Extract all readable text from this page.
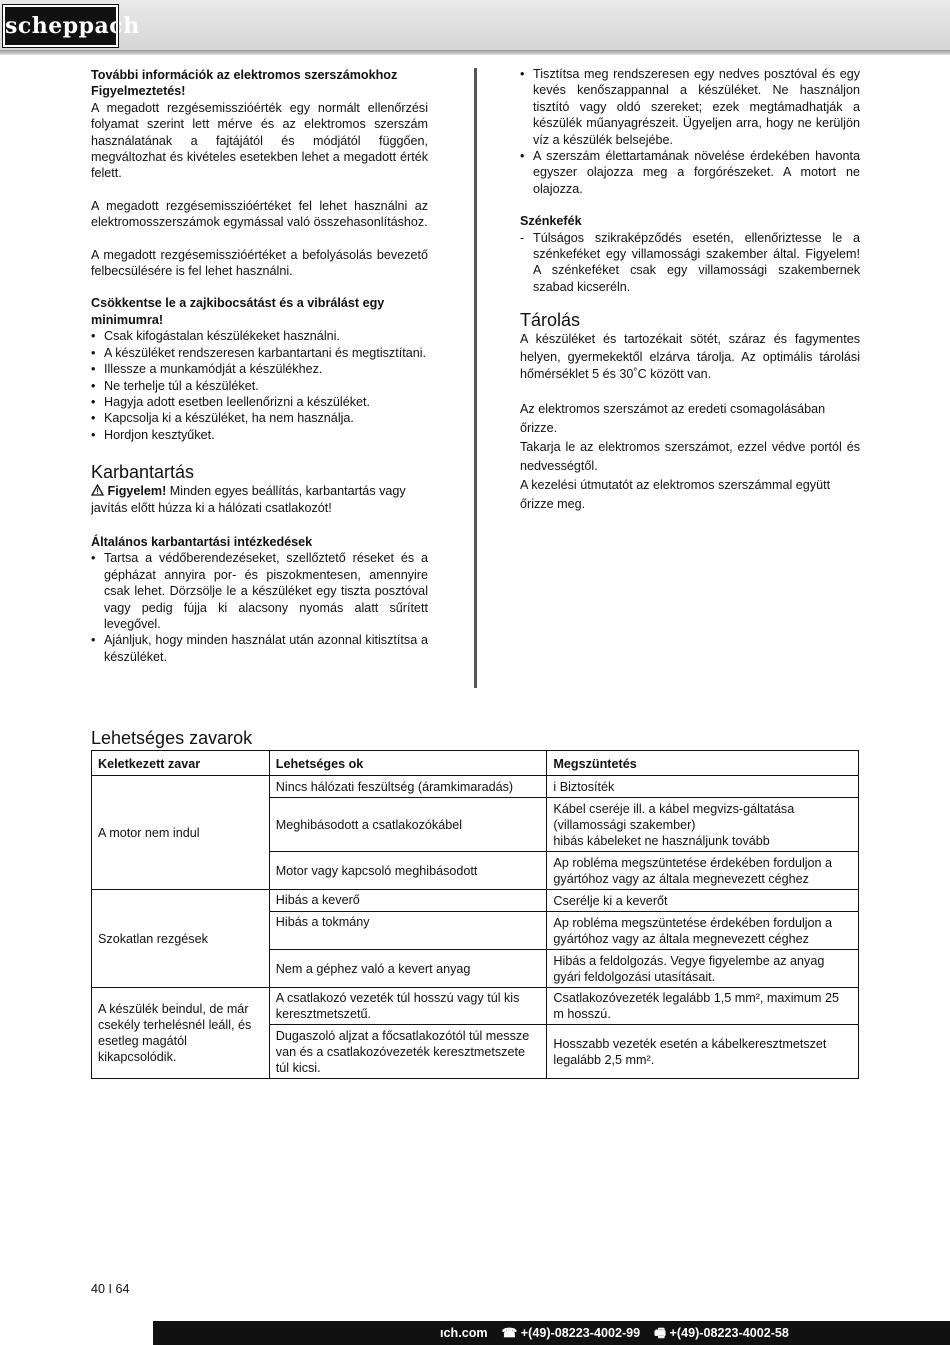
scheppach

További információk az elektromos szerszámokhoz

Figyelmeztetés!

A megadott rezgésemisszióérték egy normált ellenőrzési folyamat szerint lett mérve és az elektromos szerszám használatának a fajtájától és módjától függően, megváltozhat és kivételes esetekben lehet a megadott érték felett.

A megadott rezgésemisszióértéket fel lehet használni az elektromosszerszámok egymással való összehasonlításhoz.

A megadott rezgésemisszióértéket a befolyásolás bevezető felbecsülésére is fel lehet használni.

Csökkentse le a zajkibocsátást és a vibrálást egy minimumra!

• Csak kifogástalan készülékeket használni.
• A készüléket rendszeresen karbantartani és megtisztítani.
• Illessze a munkamódját a készülékhez.
• Ne terhelje túl a készüléket.
• Hagyja adott esetben leellenőrizni a készüléket.
• Kapcsolja ki a készüléket, ha nem használja.
• Hordjon kesztyűket.
Karbantartás

Figyelem! Minden egyes beállítás, karbantartás vagy javítás előtt húzza ki a hálózati csatlakozót!

Általános karbantartási intézkedések

• Tartsa a védőberendezéseket, szellőztető réseket és a gépházat annyira por- és piszokmentesen, amennyire csak lehet. Dörzsölje le a készüléket egy tiszta posztóval vagy pedig fújja ki alacsony nyomás alatt sűrített levegővel.
• Ajánljuk, hogy minden használat után azonnal kitisztítsa a készüléket.
• Tisztítsa meg rendszeresen egy nedves posztóval és egy kevés kenőszappannal a készüléket. Ne használjon tisztító vagy oldó szereket; ezek megtámadhatják a készülék műanyagrészeit. Ügyeljen arra, hogy ne kerüljön víz a készülék belsejébe.
• A szerszám élettartamának növelése érdekében havonta egyszer olajozza meg a forgórészeket. A motort ne olajozza.

Szénkefék

- Túlságos szikraképződés esetén, ellenőriztesse le a szénkeféket egy villamossági szakember által. Figyelem! A szénkeféket csak egy villamossági szakembernek szabad kicseréln.
Tárolás

A készüléket és tartozékait sötét, száraz és fagymentes helyen, gyermekektől elzárva tárolja. Az optimális tárolási hőmérséklet 5 és 30˚C között van.

Az elektromos szerszámot az eredeti csomagolásában őrizze.

Takarja le az elektromos szerszámot, ezzel védve portól és nedvességtől.

A kezelési útmutatót az elektromos szerszámmal együtt őrizze meg.

Lehetséges zavarok
Keletkezett zavar	Lehetséges ok	Megszüntetés
A motor nem indul	Nincs hálózati feszültség (áramkimaradás)	i Biztosíték
	Meghibásodott a csatlakozókábel	Kábel cseréje ill. a kábel megvizs-gáltatása (villamossági szakember)
hibás kábeleket ne használjunk tovább
	Motor vagy kapcsoló meghibásodott	Ap robléma megszüntetése érdekében forduljon a gyártóhoz vagy az általa megnevezett céghez
Szokatlan rezgések	Hibás a keverő	Cserélje ki a keverőt
	Hibás a tokmány	Ap robléma megszüntetése érdekében forduljon a gyártóhoz vagy az általa megnevezett céghez
	Nem a géphez való a kevert anyag	Hibás a feldolgozás. Vegye figyelembe az anyag gyári feldolgozási utasításait.
A készülék beindul, de már csekély terhelésnél leáll, és esetleg magától kikapcsolódik.	A csatlakozó vezeték túl hosszú vagy túl kis keresztmetszetű.	Csatlakozóvezeték legalább 1,5 mm², maximum 25 m hosszú.
	Dugaszoló aljzat a főcsatlakozótól túl messze van és a csatlakozóvezeték keresztmetszete túl kicsi.	Hosszabb vezeték esetén a kábelkeresztmetszet legalább 2,5 mm².
40 I 64
ıch.com ☎ +(49)-08223-4002-99 🖷 +(49)-08223-4002-58
